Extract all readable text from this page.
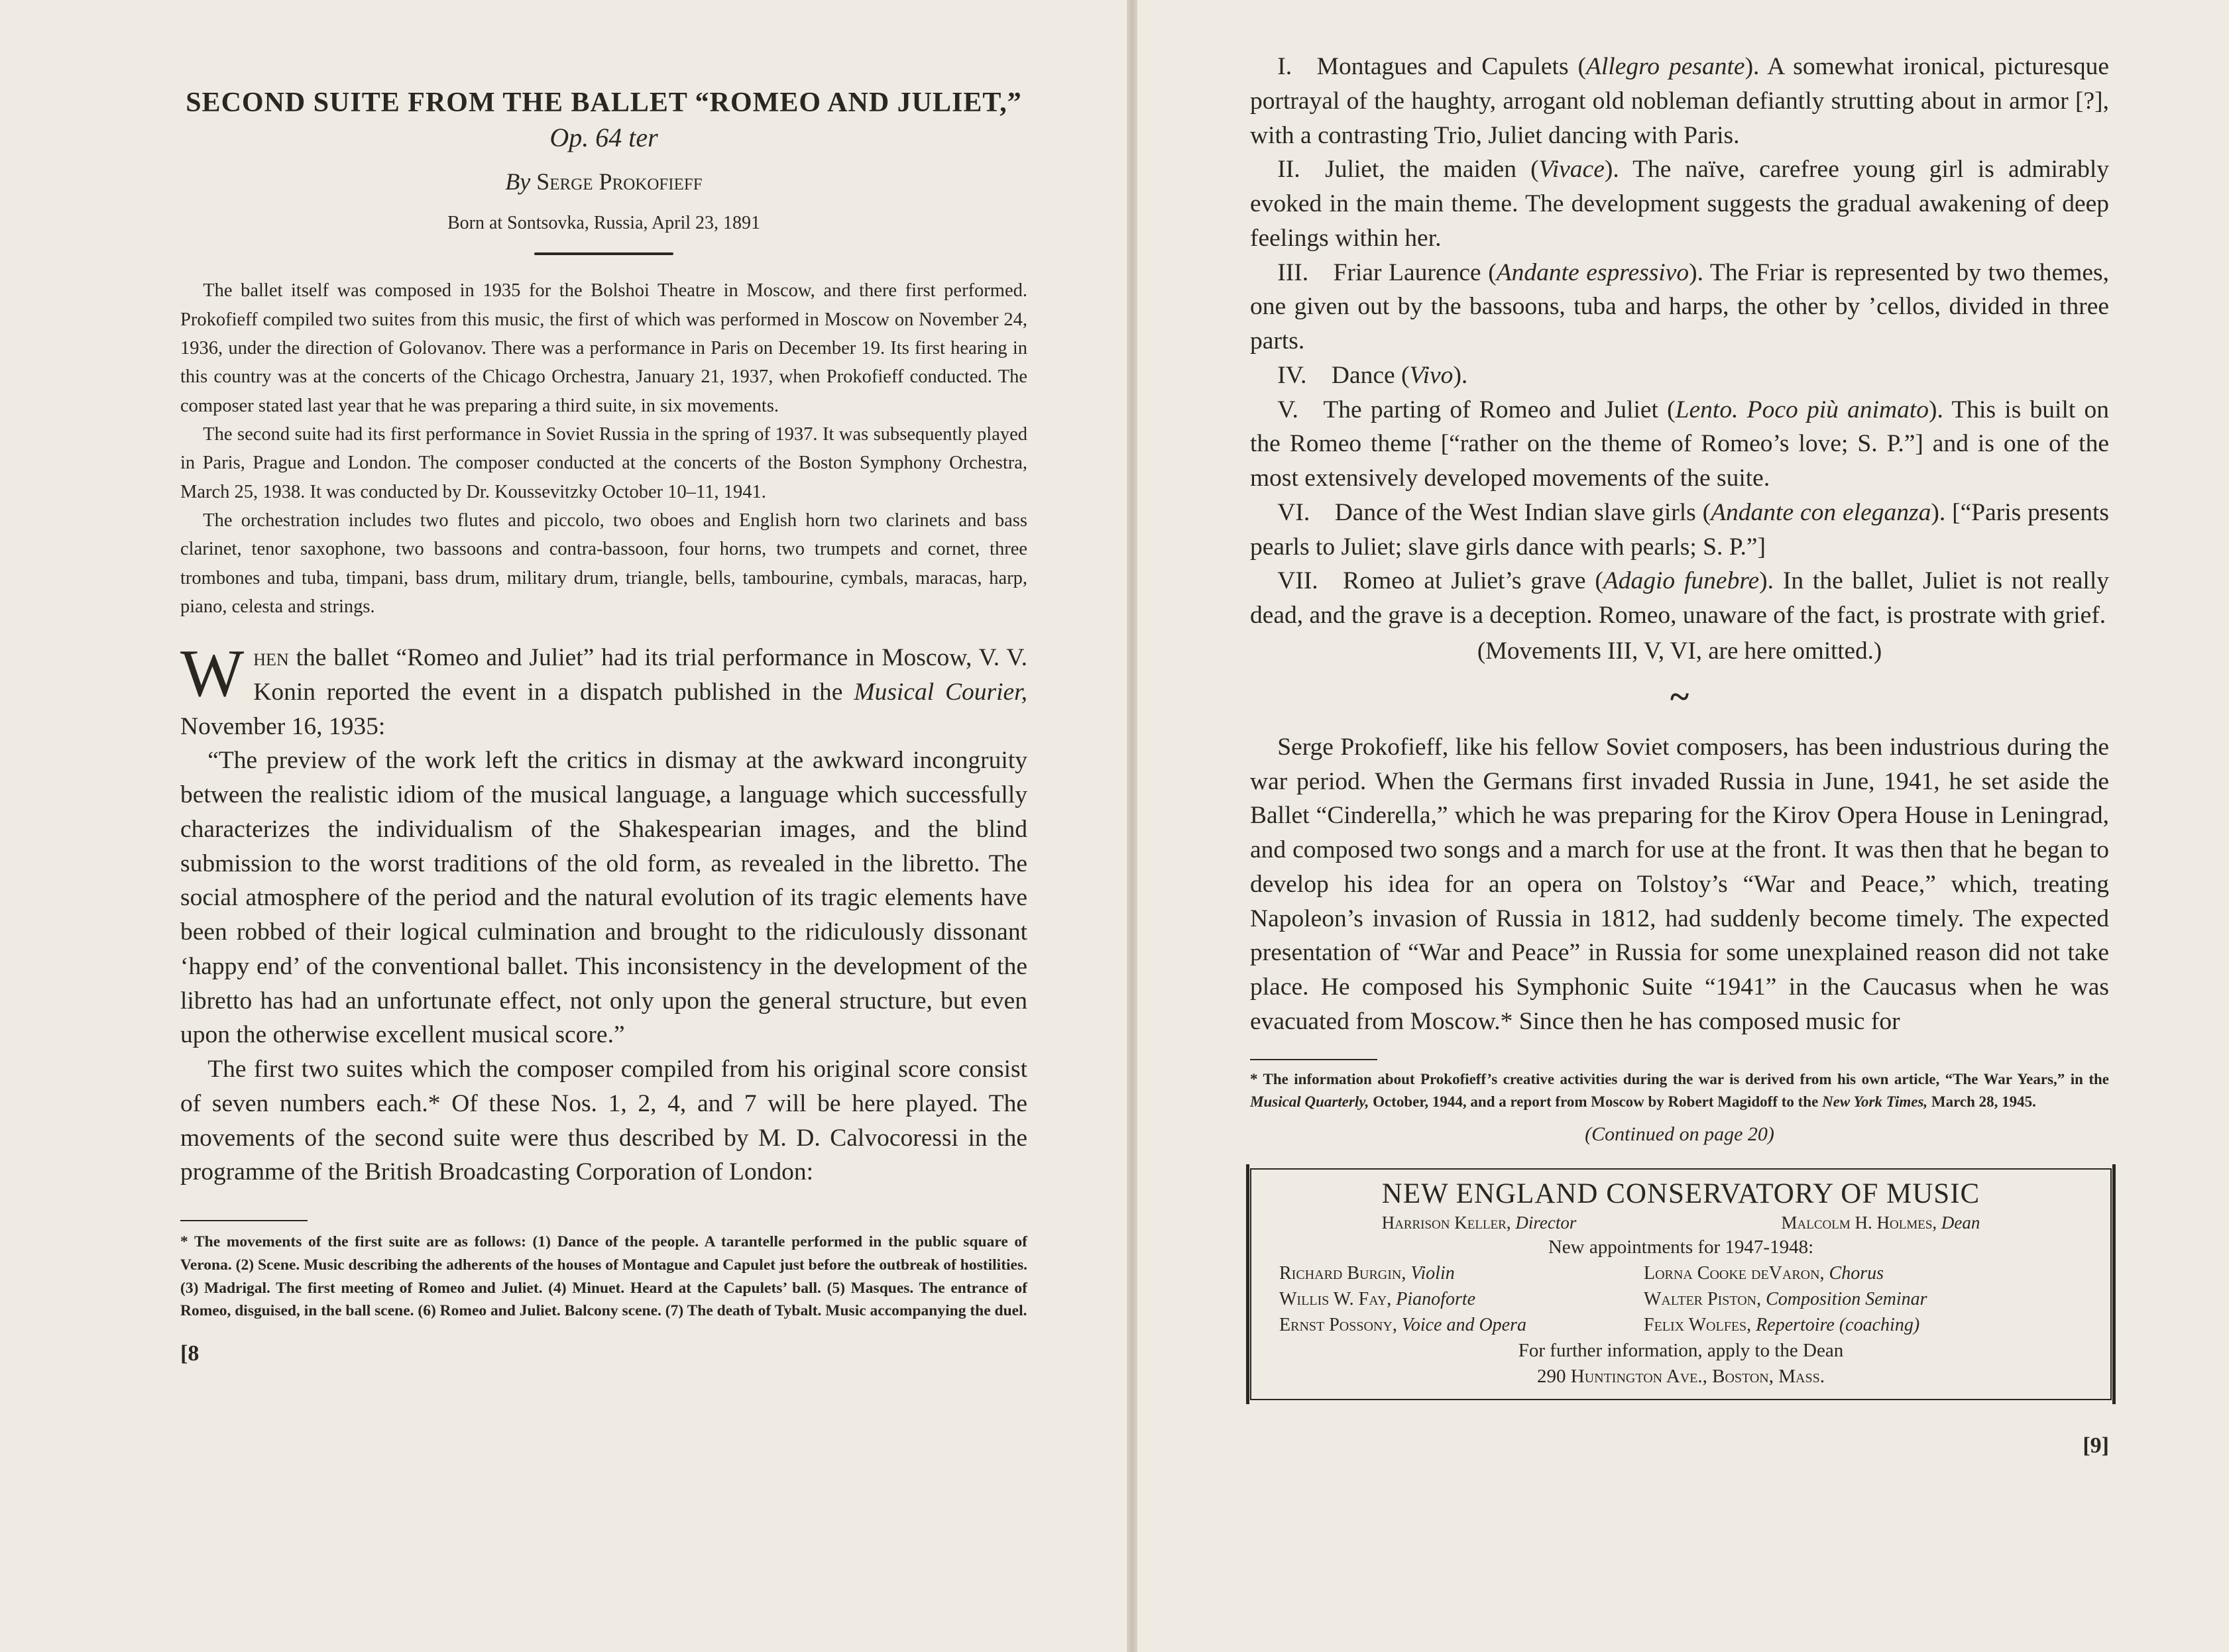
SECOND SUITE FROM THE BALLET “ROMEO AND JULIET,”
Op. 64 ter
By Serge Prokofieff
Born at Sontsovka, Russia, April 23, 1891

The ballet itself was composed in 1935 for the Bolshoi Theatre in Moscow, and there first performed. Prokofieff compiled two suites from this music, the first of which was performed in Moscow on November 24, 1936, under the direction of Golovanov. There was a performance in Paris on December 19. Its first hearing in this country was at the concerts of the Chicago Orchestra, January 21, 1937, when Prokofieff conducted. The composer stated last year that he was preparing a third suite, in six movements.

The second suite had its first performance in Soviet Russia in the spring of 1937. It was subsequently played in Paris, Prague and London. The composer conducted at the concerts of the Boston Symphony Orchestra, March 25, 1938. It was conducted by Dr. Koussevitzky October 10–11, 1941.

The orchestration includes two flutes and piccolo, two oboes and English horn two clarinets and bass clarinet, tenor saxophone, two bassoons and contra-bassoon, four horns, two trumpets and cornet, three trombones and tuba, timpani, bass drum, military drum, triangle, bells, tambourine, cymbals, maracas, harp, piano, celesta and strings.

When the ballet “Romeo and Juliet” had its trial performance in Moscow, V. V. Konin reported the event in a dispatch published in the Musical Courier, November 16, 1935:

“The preview of the work left the critics in dismay at the awkward incongruity between the realistic idiom of the musical language, a language which successfully characterizes the individualism of the Shakespearian images, and the blind submission to the worst traditions of the old form, as revealed in the libretto. The social atmosphere of the period and the natural evolution of its tragic elements have been robbed of their logical culmination and brought to the ridiculously dissonant ‘happy end’ of the conventional ballet. This inconsistency in the development of the libretto has had an unfortunate effect, not only upon the general structure, but even upon the otherwise excellent musical score.”

The first two suites which the composer compiled from his original score consist of seven numbers each.* Of these Nos. 1, 2, 4, and 7 will be here played. The movements of the second suite were thus described by M. D. Calvocoressi in the programme of the British Broadcasting Corporation of London:

* The movements of the first suite are as follows: (1) Dance of the people. A tarantelle performed in the public square of Verona. (2) Scene. Music describing the adherents of the houses of Montague and Capulet just before the outbreak of hostilities. (3) Madrigal. The first meeting of Romeo and Juliet. (4) Minuet. Heard at the Capulets’ ball. (5) Masques. The entrance of Romeo, disguised, in the ball scene. (6) Romeo and Juliet. Balcony scene. (7) The death of Tybalt. Music accompanying the duel.

[8

I. Montagues and Capulets (Allegro pesante). A somewhat ironical, picturesque portrayal of the haughty, arrogant old nobleman defiantly strutting about in armor [?], with a contrasting Trio, Juliet dancing with Paris.

II. Juliet, the maiden (Vivace). The naïve, carefree young girl is admirably evoked in the main theme. The development suggests the gradual awakening of deep feelings within her.

III. Friar Laurence (Andante espressivo). The Friar is represented by two themes, one given out by the bassoons, tuba and harps, the other by ’cellos, divided in three parts.

IV. Dance (Vivo).

V. The parting of Romeo and Juliet (Lento. Poco più animato). This is built on the Romeo theme [“rather on the theme of Romeo’s love; S. P.”] and is one of the most extensively developed movements of the suite.

VI. Dance of the West Indian slave girls (Andante con eleganza). [“Paris presents pearls to Juliet; slave girls dance with pearls; S. P.”]

VII. Romeo at Juliet’s grave (Adagio funebre). In the ballet, Juliet is not really dead, and the grave is a deception. Romeo, unaware of the fact, is prostrate with grief.

(Movements III, V, VI, are here omitted.)

~

Serge Prokofieff, like his fellow Soviet composers, has been industrious during the war period. When the Germans first invaded Russia in June, 1941, he set aside the Ballet “Cinderella,” which he was preparing for the Kirov Opera House in Leningrad, and composed two songs and a march for use at the front. It was then that he began to develop his idea for an opera on Tolstoy’s “War and Peace,” which, treating Napoleon’s invasion of Russia in 1812, had suddenly become timely. The expected presentation of “War and Peace” in Russia for some unexplained reason did not take place. He composed his Symphonic Suite “1941” in the Caucasus when he was evacuated from Moscow.* Since then he has composed music for

* The information about Prokofieff’s creative activities during the war is derived from his own article, “The War Years,” in the Musical Quarterly, October, 1944, and a report from Moscow by Robert Magidoff to the New York Times, March 28, 1945.

(Continued on page 20)

NEW ENGLAND CONSERVATORY OF MUSIC
Harrison Keller, Director	Malcolm H. Holmes, Dean
New appointments for 1947-1948:
Richard Burgin, Violin	Lorna Cooke deVaron, Chorus
Willis W. Fay, Pianoforte	Walter Piston, Composition Seminar
Ernst Possony, Voice and Opera	Felix Wolfes, Repertoire (coaching)
For further information, apply to the Dean
290 Huntington Ave., Boston, Mass.
[9]
